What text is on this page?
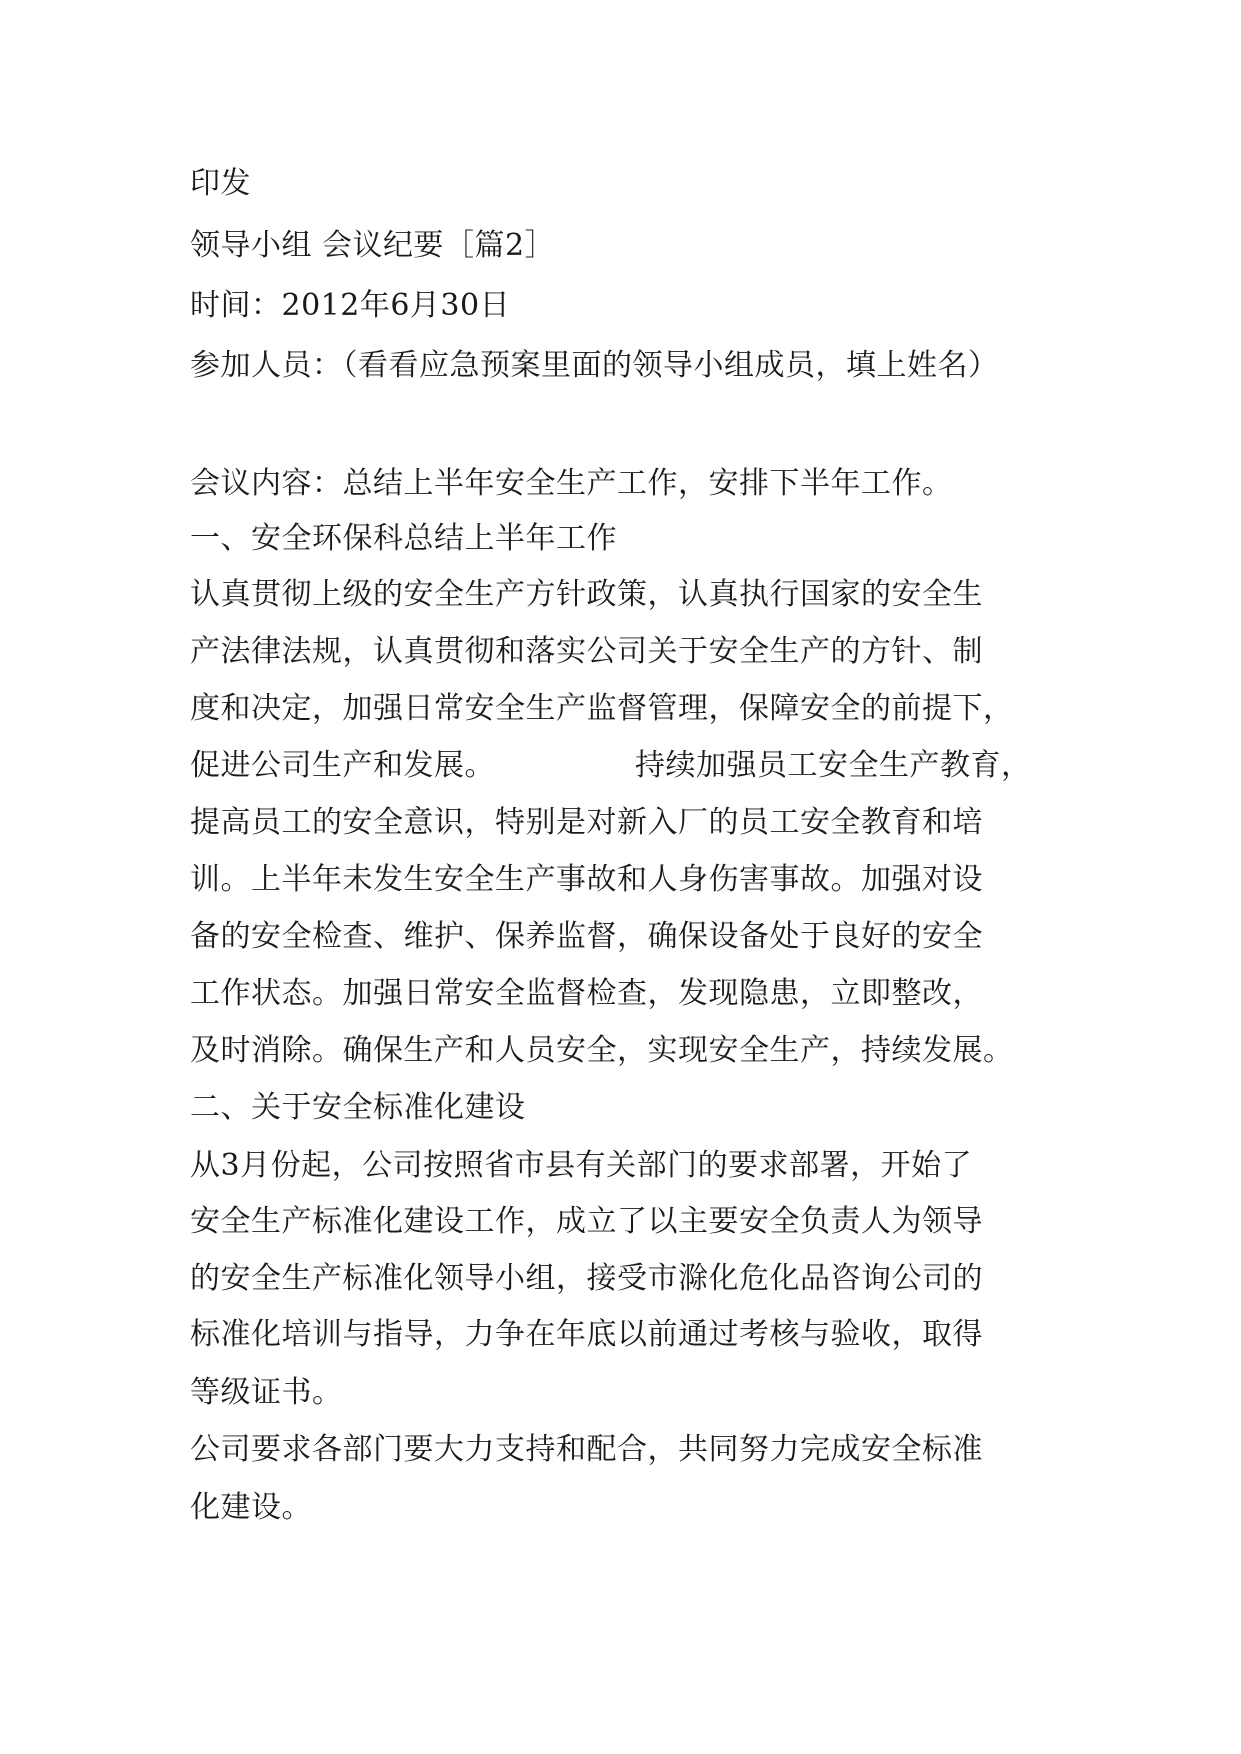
印发

领导小组 会议纪要［篇2］

时间：2012年6月30日

参加人员：（看看应急预案里面的领导小组成员，填上姓名）

会议内容：总结上半年安全生产工作，安排下半年工作。

一、安全环保科总结上半年工作

认真贯彻上级的安全生产方针政策，认真执行国家的安全生

产法律法规，认真贯彻和落实公司关于安全生产的方针、制

度和决定，加强日常安全生产监督管理，保障安全的前提下，

促进公司生产和发展。	持续加强员工安全生产教育，

提高员工的安全意识，特别是对新入厂的员工安全教育和培

训。上半年未发生安全生产事故和人身伤害事故。加强对设

备的安全检查、维护、保养监督，确保设备处于良好的安全

工作状态。加强日常安全监督检查，发现隐患，立即整改，

及时消除。确保生产和人员安全，实现安全生产，持续发展。

二、关于安全标准化建设

从3月份起，公司按照省市县有关部门的要求部署，开始了

安全生产标准化建设工作，成立了以主要安全负责人为领导

的安全生产标准化领导小组，接受市滁化危化品咨询公司的

标准化培训与指导，力争在年底以前通过考核与验收，取得

等级证书。

公司要求各部门要大力支持和配合，共同努力完成安全标准

化建设。
